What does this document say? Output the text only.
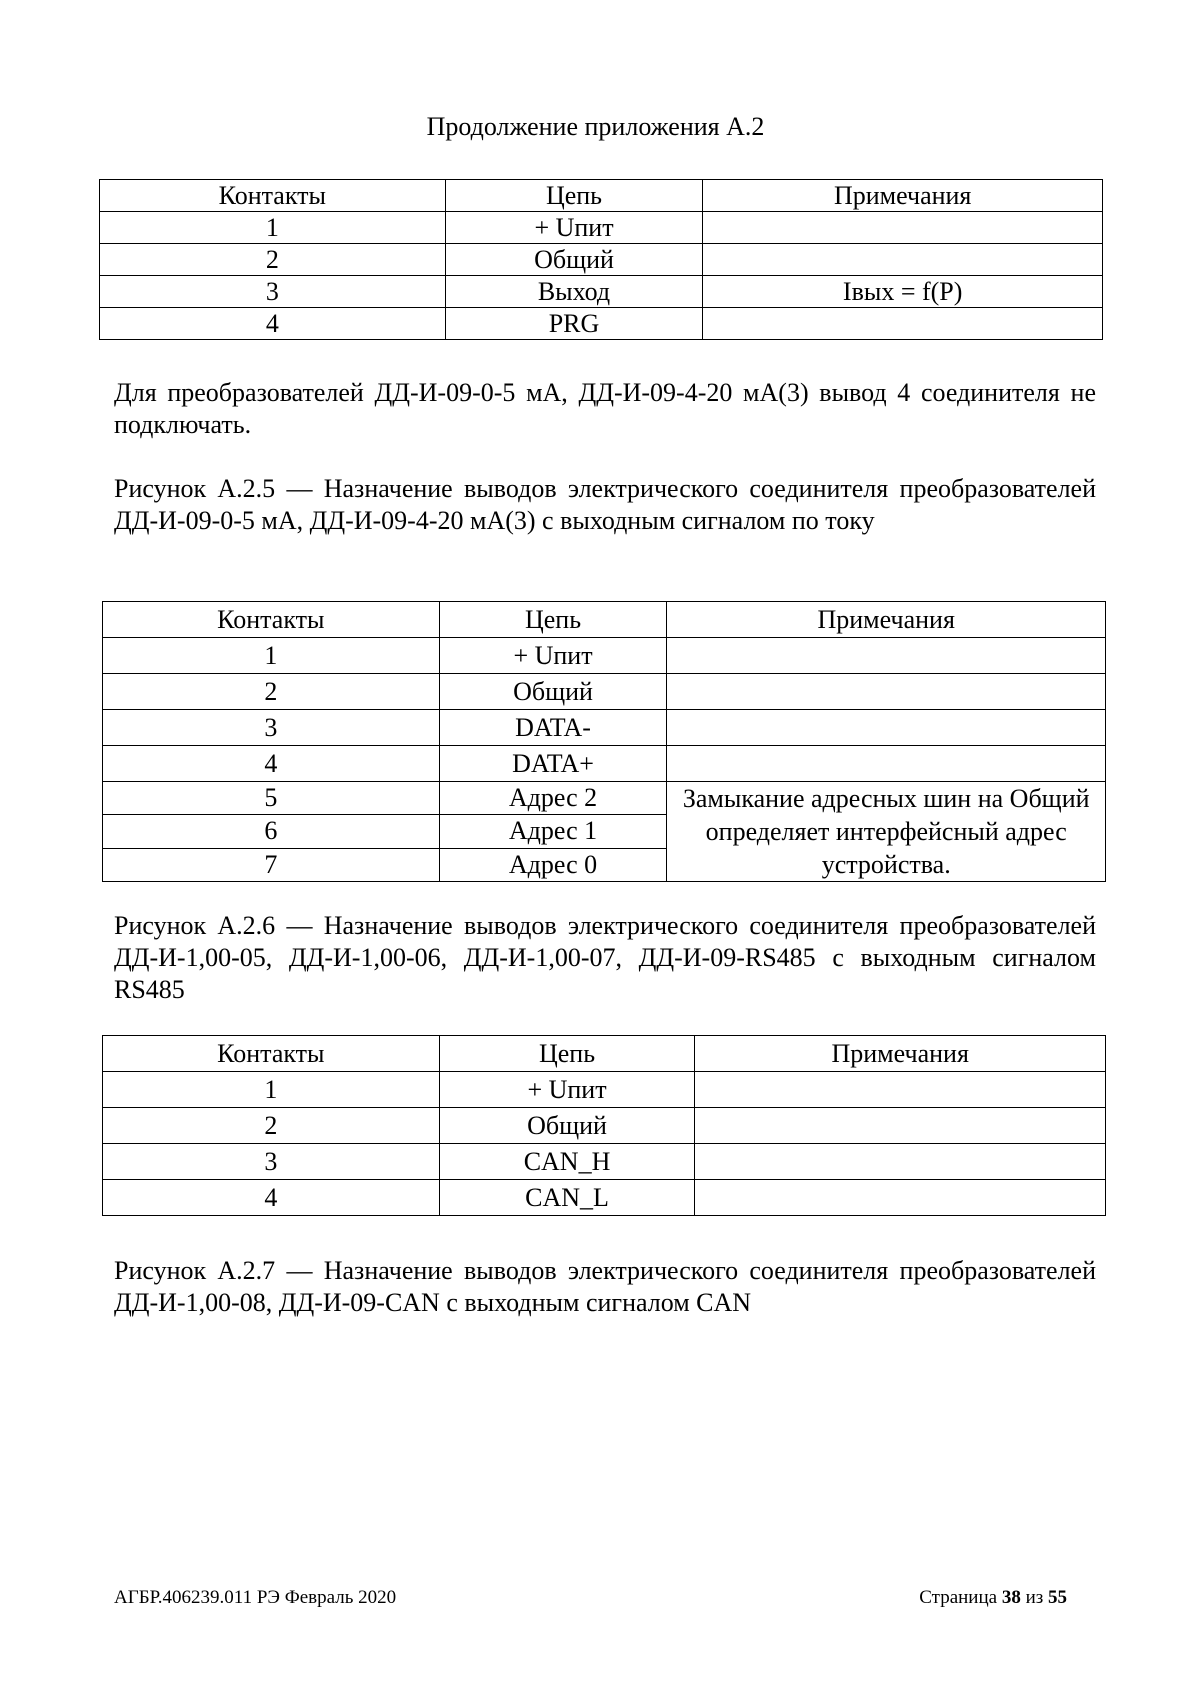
Продолжение приложения А.2
Контакты	Цепь	Примечания
1	+ Uпит	
2	Общий	
3	Выход	Iвых = f(P)
4	PRG	
Для преобразователей ДД-И-09-0-5 мА, ДД-И-09-4-20 мА(3) вывод 4 соединителя не подключать.
Рисунок А.2.5 — Назначение выводов электрического соединителя преобразователей ДД-И-09-0-5 мА, ДД-И-09-4-20 мА(3) с выходным сигналом по току
Контакты	Цепь	Примечания
1	+ Uпит	
2	Общий	
3	DATA-	
4	DATA+	
5	Адрес 2	Замыкание адресных шин на Общий определяет интерфейсный адрес устройства.
6	Адрес 1	
7	Адрес 0	
Рисунок А.2.6 — Назначение выводов электрического соединителя преобразователей ДД-И-1,00-05, ДД-И-1,00-06, ДД-И-1,00-07, ДД-И-09-RS485 с выходным сигналом RS485
Контакты	Цепь	Примечания
1	+ Uпит	
2	Общий	
3	CAN_H	
4	CAN_L	
Рисунок А.2.7 — Назначение выводов электрического соединителя преобразователей ДД-И-1,00-08, ДД-И-09-CAN с выходным сигналом CAN
АГБР.406239.011 РЭ Февраль 2020	Страница 38 из 55
